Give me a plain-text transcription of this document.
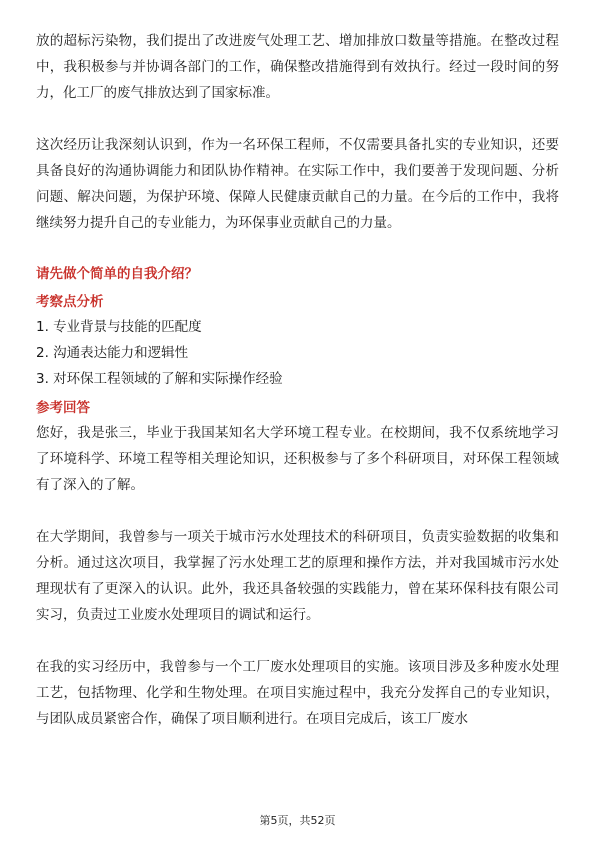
放的超标污染物，我们提出了改进废气处理工艺、增加排放口数量等措施。在整改过程中，我积极参与并协调各部门的工作，确保整改措施得到有效执行。经过一段时间的努力，化工厂的废气排放达到了国家标准。

这次经历让我深刻认识到，作为一名环保工程师，不仅需要具备扎实的专业知识，还要具备良好的沟通协调能力和团队协作精神。在实际工作中，我们要善于发现问题、分析问题、解决问题，为保护环境、保障人民健康贡献自己的力量。在今后的工作中，我将继续努力提升自己的专业能力，为环保事业贡献自己的力量。

请先做个简单的自我介绍？
考察点分析
1. 专业背景与技能的匹配度
2. 沟通表达能力和逻辑性
3. 对环保工程领域的了解和实际操作经验
参考回答

您好，我是张三，毕业于我国某知名大学环境工程专业。在校期间，我不仅系统地学习了环境科学、环境工程等相关理论知识，还积极参与了多个科研项目，对环保工程领域有了深入的了解。

在大学期间，我曾参与一项关于城市污水处理技术的科研项目，负责实验数据的收集和分析。通过这次项目，我掌握了污水处理工艺的原理和操作方法，并对我国城市污水处理现状有了更深入的认识。此外，我还具备较强的实践能力，曾在某环保科技有限公司实习，负责过工业废水处理项目的调试和运行。

在我的实习经历中，我曾参与一个工厂废水处理项目的实施。该项目涉及多种废水处理工艺，包括物理、化学和生物处理。在项目实施过程中，我充分发挥自己的专业知识，与团队成员紧密合作，确保了项目顺利进行。在项目完成后，该工厂废水

第5页，共52页
